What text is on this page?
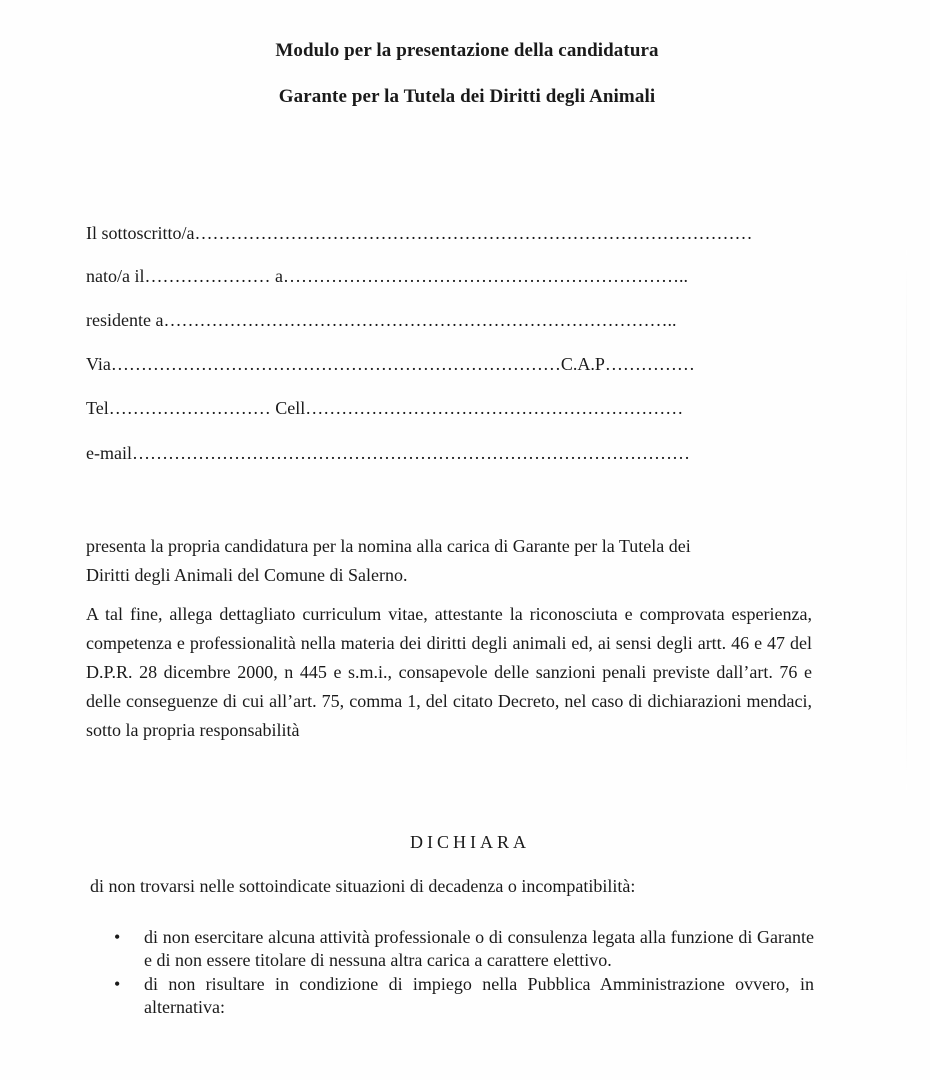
Modulo per la presentazione della candidatura
Garante per la Tutela dei Diritti degli Animali
Il sottoscritto/a…………………………………………………………………………………
nato/a il………………… a…………………………………………………………..
residente a…………………………………………………………………………..
Via…………………………………………………………………C.A.P……………
Tel……………………… Cell………………………………………………………
e-mail…………………………………………………………………………………
presenta la propria candidatura per la nomina alla carica di Garante per la Tutela dei
Diritti degli Animali del Comune di Salerno.
A tal fine, allega dettagliato curriculum vitae, attestante la riconosciuta e comprovata esperienza, competenza e professionalità nella materia dei diritti degli animali ed, ai sensi degli artt. 46 e 47 del D.P.R. 28 dicembre 2000, n 445 e s.m.i., consapevole delle sanzioni penali previste dall’art. 76 e delle conseguenze di cui all’art. 75, comma 1, del citato Decreto, nel caso di dichiarazioni mendaci, sotto la propria responsabilità
DICHIARA
di non trovarsi nelle sottoindicate situazioni di decadenza o incompatibilità:
• di non esercitare alcuna attività professionale o di consulenza legata alla funzione di Garante e di non essere titolare di nessuna altra carica a carattere elettivo.
• di non risultare in condizione di impiego nella Pubblica Amministrazione ovvero, in alternativa:
